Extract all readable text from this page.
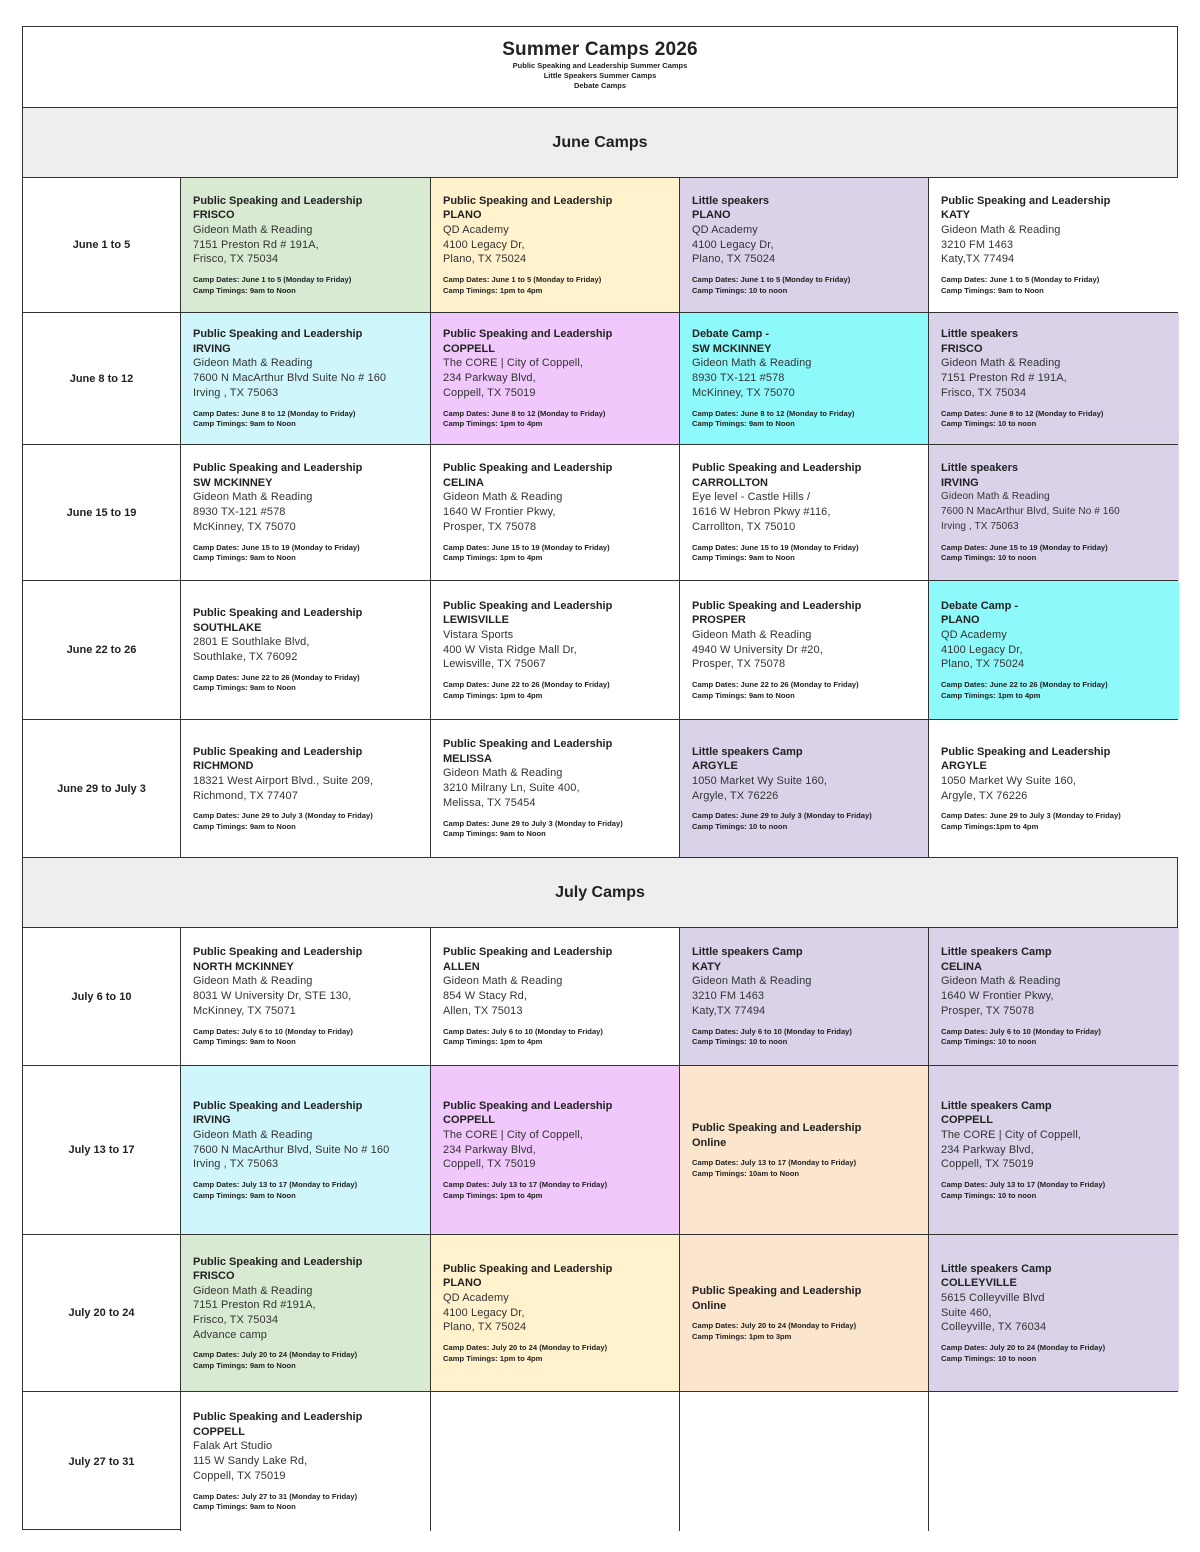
Summer Camps 2026
Public Speaking and Leadership Summer Camps
Little Speakers Summer Camps
Debate Camps
June Camps
June 1 to 5
Public Speaking and Leadership
FRISCO
Gideon Math & Reading
7151 Preston Rd # 191A,
Frisco, TX 75034
Camp Dates: June 1 to 5 (Monday to Friday)
Camp Timings: 9am to Noon
Public Speaking and Leadership
PLANO
QD Academy
4100 Legacy Dr,
Plano, TX 75024
Camp Dates: June 1 to 5 (Monday to Friday)
Camp Timings: 1pm to 4pm
Little speakers
PLANO
QD Academy
4100 Legacy Dr,
Plano, TX 75024
Camp Dates: June 1 to 5 (Monday to Friday)
Camp Timings: 10 to noon
Public Speaking and Leadership
KATY
Gideon Math & Reading
3210 FM 1463
Katy,TX 77494
Camp Dates: June 1 to 5 (Monday to Friday)
Camp Timings: 9am to Noon
June 8 to 12
Public Speaking and Leadership
IRVING
Gideon Math & Reading
7600 N MacArthur Blvd Suite No # 160
Irving , TX 75063
Camp Dates: June 8 to 12 (Monday to Friday)
Camp Timings: 9am to Noon
Public Speaking and Leadership
COPPELL
The CORE | City of Coppell,
234 Parkway Blvd,
Coppell, TX 75019
Camp Dates: June 8 to 12 (Monday to Friday)
Camp Timings: 1pm to 4pm
Debate Camp -
SW MCKINNEY
Gideon Math & Reading
8930 TX-121 #578
McKinney, TX 75070
Camp Dates: June 8 to 12 (Monday to Friday)
Camp Timings: 9am to Noon
Little speakers
FRISCO
Gideon Math & Reading
7151 Preston Rd # 191A,
Frisco, TX 75034
Camp Dates: June 8 to 12 (Monday to Friday)
Camp Timings: 10 to noon
June 15 to 19
Public Speaking and Leadership
SW MCKINNEY
Gideon Math & Reading
8930 TX-121 #578
McKinney, TX 75070
Camp Dates: June 15 to 19 (Monday to Friday)
Camp Timings: 9am to Noon
Public Speaking and Leadership
CELINA
Gideon Math & Reading
1640 W Frontier Pkwy,
Prosper, TX 75078
Camp Dates: June 15 to 19 (Monday to Friday)
Camp Timings: 1pm to 4pm
Public Speaking and Leadership
CARROLLTON
Eye level - Castle Hills /
1616 W Hebron Pkwy #116,
Carrollton, TX 75010
Camp Dates: June 15 to 19 (Monday to Friday)
Camp Timings: 9am to Noon
Little speakers
IRVING
Gideon Math & Reading
7600 N MacArthur Blvd, Suite No # 160
Irving , TX 75063
Camp Dates: June 15 to 19 (Monday to Friday)
Camp Timings: 10 to noon
June 22 to 26
Public Speaking and Leadership
SOUTHLAKE
2801 E Southlake Blvd,
Southlake, TX 76092
Camp Dates: June 22 to 26 (Monday to Friday)
Camp Timings: 9am to Noon
Public Speaking and Leadership
LEWISVILLE
Vistara Sports
400 W Vista Ridge Mall Dr,
Lewisville, TX 75067
Camp Dates: June 22 to 26 (Monday to Friday)
Camp Timings: 1pm to 4pm
Public Speaking and Leadership
PROSPER
Gideon Math & Reading
4940 W University Dr #20,
Prosper, TX 75078
Camp Dates: June 22 to 26 (Monday to Friday)
Camp Timings: 9am to Noon
Debate Camp -
PLANO
QD Academy
4100 Legacy Dr,
Plano, TX 75024
Camp Dates: June 22 to 26 (Monday to Friday)
Camp Timings: 1pm to 4pm
June 29 to July 3
Public Speaking and Leadership
RICHMOND
18321 West Airport Blvd., Suite 209,
Richmond, TX 77407
Camp Dates: June 29 to July 3 (Monday to Friday)
Camp Timings: 9am to Noon
Public Speaking and Leadership
MELISSA
Gideon Math & Reading
3210 Milrany Ln, Suite 400,
Melissa, TX 75454
Camp Dates: June 29 to July 3 (Monday to Friday)
Camp Timings: 9am to Noon
Little speakers Camp
ARGYLE
1050 Market Wy Suite 160,
Argyle, TX 76226
Camp Dates: June 29 to July 3 (Monday to Friday)
Camp Timings: 10 to noon
Public Speaking and Leadership
ARGYLE
1050 Market Wy Suite 160,
Argyle, TX 76226
Camp Dates: June 29 to July 3 (Monday to Friday)
Camp Timings:1pm to 4pm
July Camps
July 6 to 10
Public Speaking and Leadership
NORTH MCKINNEY
Gideon Math & Reading
8031 W University Dr, STE 130,
McKinney, TX 75071
Camp Dates: July 6 to 10 (Monday to Friday)
Camp Timings: 9am to Noon
Public Speaking and Leadership
ALLEN
Gideon Math & Reading
854 W Stacy Rd,
Allen, TX 75013
Camp Dates: July 6 to 10 (Monday to Friday)
Camp Timings: 1pm to 4pm
Little speakers Camp
KATY
Gideon Math & Reading
3210 FM 1463
Katy,TX 77494
Camp Dates: July 6 to 10 (Monday to Friday)
Camp Timings: 10 to noon
Little speakers Camp
CELINA
Gideon Math & Reading
1640 W Frontier Pkwy,
Prosper, TX 75078
Camp Dates: July 6 to 10 (Monday to Friday)
Camp Timings: 10 to noon
July 13 to 17
Public Speaking and Leadership
IRVING
Gideon Math & Reading
7600 N MacArthur Blvd, Suite No # 160
Irving , TX 75063
Camp Dates: July 13 to 17 (Monday to Friday)
Camp Timings: 9am to Noon
Public Speaking and Leadership
COPPELL
The CORE | City of Coppell,
234 Parkway Blvd,
Coppell, TX 75019
Camp Dates: July 13 to 17 (Monday to Friday)
Camp Timings: 1pm to 4pm
Public Speaking and Leadership
Online
Camp Dates: July 13 to 17 (Monday to Friday)
Camp Timings: 10am to Noon
Little speakers Camp
COPPELL
The CORE | City of Coppell,
234 Parkway Blvd,
Coppell, TX 75019
Camp Dates: July 13 to 17 (Monday to Friday)
Camp Timings: 10 to noon
July 20 to 24
Public Speaking and Leadership
FRISCO
Gideon Math & Reading
7151 Preston Rd #191A,
Frisco, TX 75034
Advance camp
Camp Dates: July 20 to 24 (Monday to Friday)
Camp Timings: 9am to Noon
Public Speaking and Leadership
PLANO
QD Academy
4100 Legacy Dr,
Plano, TX 75024
Camp Dates: July 20 to 24 (Monday to Friday)
Camp Timings: 1pm to 4pm
Public Speaking and Leadership
Online
Camp Dates: July 20 to 24 (Monday to Friday)
Camp Timings: 1pm to 3pm
Little speakers Camp
COLLEYVILLE
5615 Colleyville Blvd
Suite 460,
Colleyville, TX 76034
Camp Dates: July 20 to 24 (Monday to Friday)
Camp Timings: 10 to noon
July 27 to 31
Public Speaking and Leadership
COPPELL
Falak Art Studio
115 W Sandy Lake Rd,
Coppell, TX 75019
Camp Dates: July 27 to 31 (Monday to Friday)
Camp Timings: 9am to Noon
